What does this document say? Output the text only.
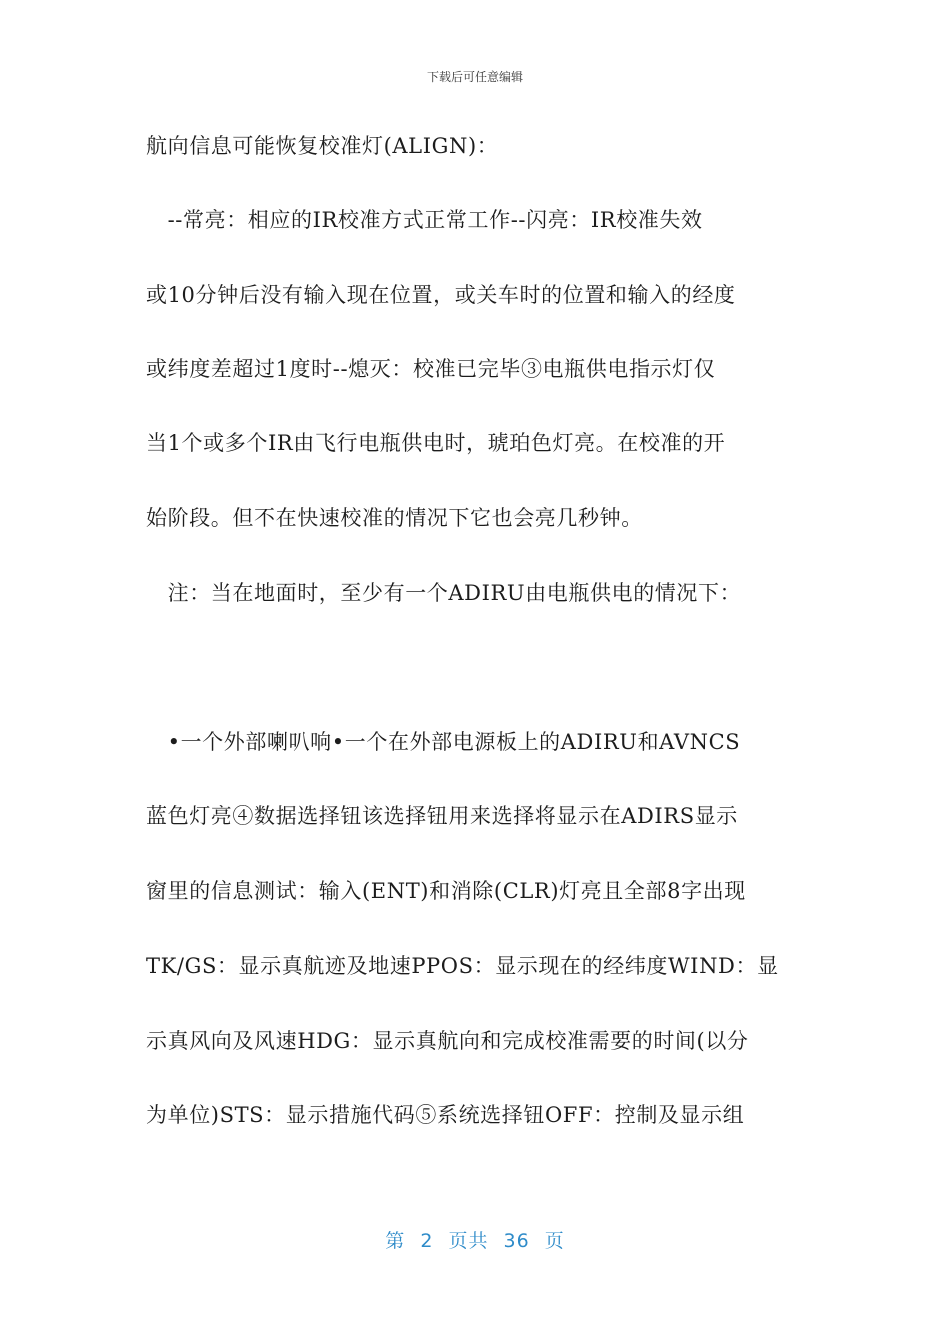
下载后可任意编辑
航向信息可能恢复校准灯(ALIGN)：
　--常亮：相应的IR校准方式正常工作--闪亮：IR校准失效
或10分钟后没有输入现在位置，或关车时的位置和输入的经度
或纬度差超过1度时--熄灭：校准已完毕③电瓶供电指示灯仅
当1个或多个IR由飞行电瓶供电时，琥珀色灯亮。在校准的开
始阶段。但不在快速校准的情况下它也会亮几秒钟。
　注：当在地面时，至少有一个ADIRU由电瓶供电的情况下：
　•一个外部喇叭响•一个在外部电源板上的ADIRU和AVNCS
蓝色灯亮④数据选择钮该选择钮用来选择将显示在ADIRS显示
窗里的信息测试：输入(ENT)和消除(CLR)灯亮且全部8字出现
TK/GS：显示真航迹及地速PPOS：显示现在的经纬度WIND：显
示真风向及风速HDG：显示真航向和完成校准需要的时间(以分
为单位)STS：显示措施代码⑤系统选择钮OFF：控制及显示组
第 2 页共 36 页
